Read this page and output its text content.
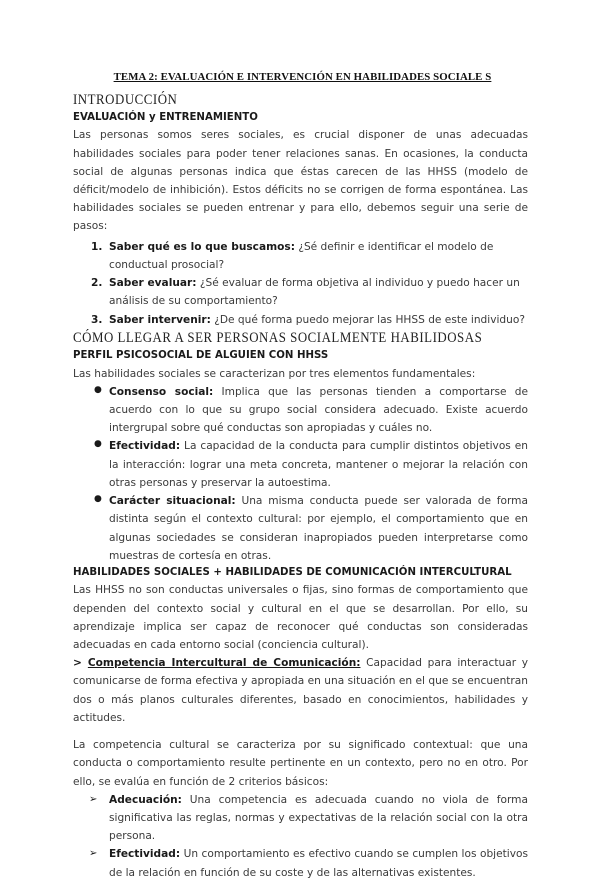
TEMA 2: EVALUACIÓN E INTERVENCIÓN EN HABILIDADES SOCIALE S
INTRODUCCIÓN
EVALUACIÓN y ENTRENAMIENTO

Las personas somos seres sociales, es crucial disponer de unas adecuadas habilidades sociales para poder tener relaciones sanas. En ocasiones, la conducta social de algunas personas indica que éstas carecen de las HHSS (modelo de déficit/modelo de inhibición). Estos déficits no se corrigen de forma espontánea. Las habilidades sociales se pueden entrenar y para ello, debemos seguir una serie de pasos:

1. Saber qué es lo que buscamos: ¿Sé definir e identificar el modelo de conductual prosocial?
2. Saber evaluar: ¿Sé evaluar de forma objetiva al individuo y puedo hacer un análisis de su comportamiento?
3. Saber intervenir: ¿De qué forma puedo mejorar las HHSS de este individuo?
CÓMO LLEGAR A SER PERSONAS SOCIALMENTE HABILIDOSAS
PERFIL PSICOSOCIAL DE ALGUIEN CON HHSS

Las habilidades sociales se caracterizan por tres elementos fundamentales:

● Consenso social: Implica que las personas tienden a comportarse de acuerdo con lo que su grupo social considera adecuado. Existe acuerdo intergrupal sobre qué conductas son apropiadas y cuáles no.
● Efectividad: La capacidad de la conducta para cumplir distintos objetivos en la interacción: lograr una meta concreta, mantener o mejorar la relación con otras personas y preservar la autoestima.
● Carácter situacional: Una misma conducta puede ser valorada de forma distinta según el contexto cultural: por ejemplo, el comportamiento que en algunas sociedades se consideran inapropiados pueden interpretarse como muestras de cortesía en otras.
HABILIDADES SOCIALES + HABILIDADES DE COMUNICACIÓN INTERCULTURAL

Las HHSS no son conductas universales o fijas, sino formas de comportamiento que dependen del contexto social y cultural en el que se desarrollan. Por ello, su aprendizaje implica ser capaz de reconocer qué conductas son consideradas adecuadas en cada entorno social (conciencia cultural).

> Competencia Intercultural de Comunicación: Capacidad para interactuar y comunicarse de forma efectiva y apropiada en una situación en el que se encuentran dos o más planos culturales diferentes, basado en conocimientos, habilidades y actitudes.

La competencia cultural se caracteriza por su significado contextual: que una conducta o comportamiento resulte pertinente en un contexto, pero no en otro. Por ello, se evalúa en función de 2 criterios básicos:

➢ Adecuación: Una competencia es adecuada cuando no viola de forma significativa las reglas, normas y expectativas de la relación social con la otra persona.
➢ Efectividad: Un comportamiento es efectivo cuando se cumplen los objetivos de la relación en función de su coste y de las alternativas existentes.
